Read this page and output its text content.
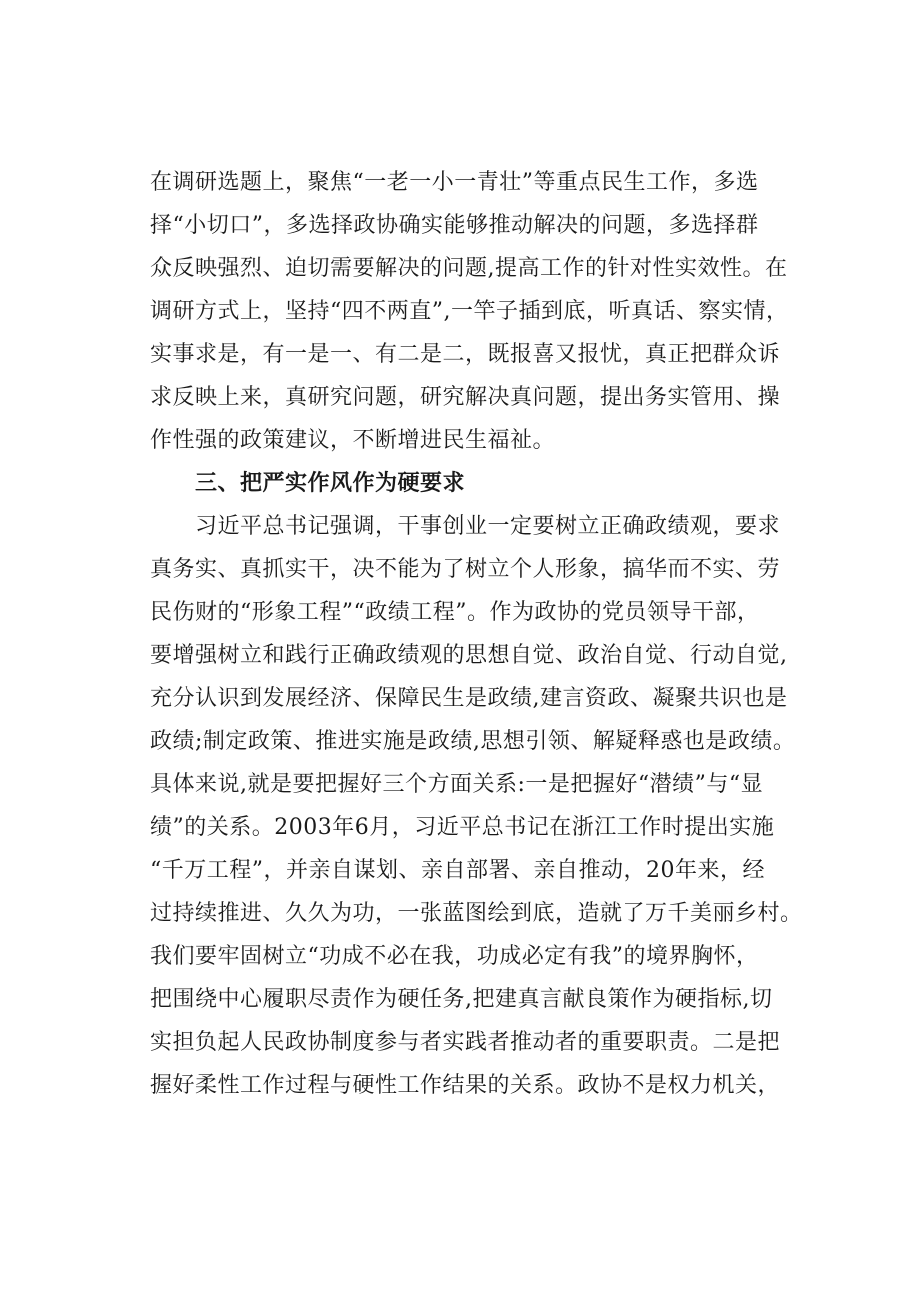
在调研选题上，聚焦“一老一小一青壮”等重点民生工作，多选
择“小切口”，多选择政协确实能够推动解决的问题，多选择群
众反映强烈、迫切需要解决的问题,提高工作的针对性实效性。在
调研方式上，坚持“四不两直”,一竿子插到底，听真话、察实情，
实事求是，有一是一、有二是二，既报喜又报忧，真正把群众诉
求反映上来，真研究问题，研究解决真问题，提出务实管用、操
作性强的政策建议，不断增进民生福祉。
三、把严实作风作为硬要求
习近平总书记强调，干事创业一定要树立正确政绩观，要求
真务实、真抓实干，决不能为了树立个人形象，搞华而不实、劳
民伤财的“形象工程”“政绩工程”。作为政协的党员领导干部，
要增强树立和践行正确政绩观的思想自觉、政治自觉、行动自觉,
充分认识到发展经济、保障民生是政绩,建言资政、凝聚共识也是
政绩;制定政策、推进实施是政绩,思想引领、解疑释惑也是政绩。
具体来说,就是要把握好三个方面关系:一是把握好“潜绩”与“显
绩”的关系。2003年6月，习近平总书记在浙江工作时提出实施
“千万工程”，并亲自谋划、亲自部署、亲自推动，20年来，经
过持续推进、久久为功，一张蓝图绘到底，造就了万千美丽乡村。
我们要牢固树立“功成不必在我，功成必定有我”的境界胸怀，
把围绕中心履职尽责作为硬任务,把建真言献良策作为硬指标,切
实担负起人民政协制度参与者实践者推动者的重要职责。二是把
握好柔性工作过程与硬性工作结果的关系。政协不是权力机关，
